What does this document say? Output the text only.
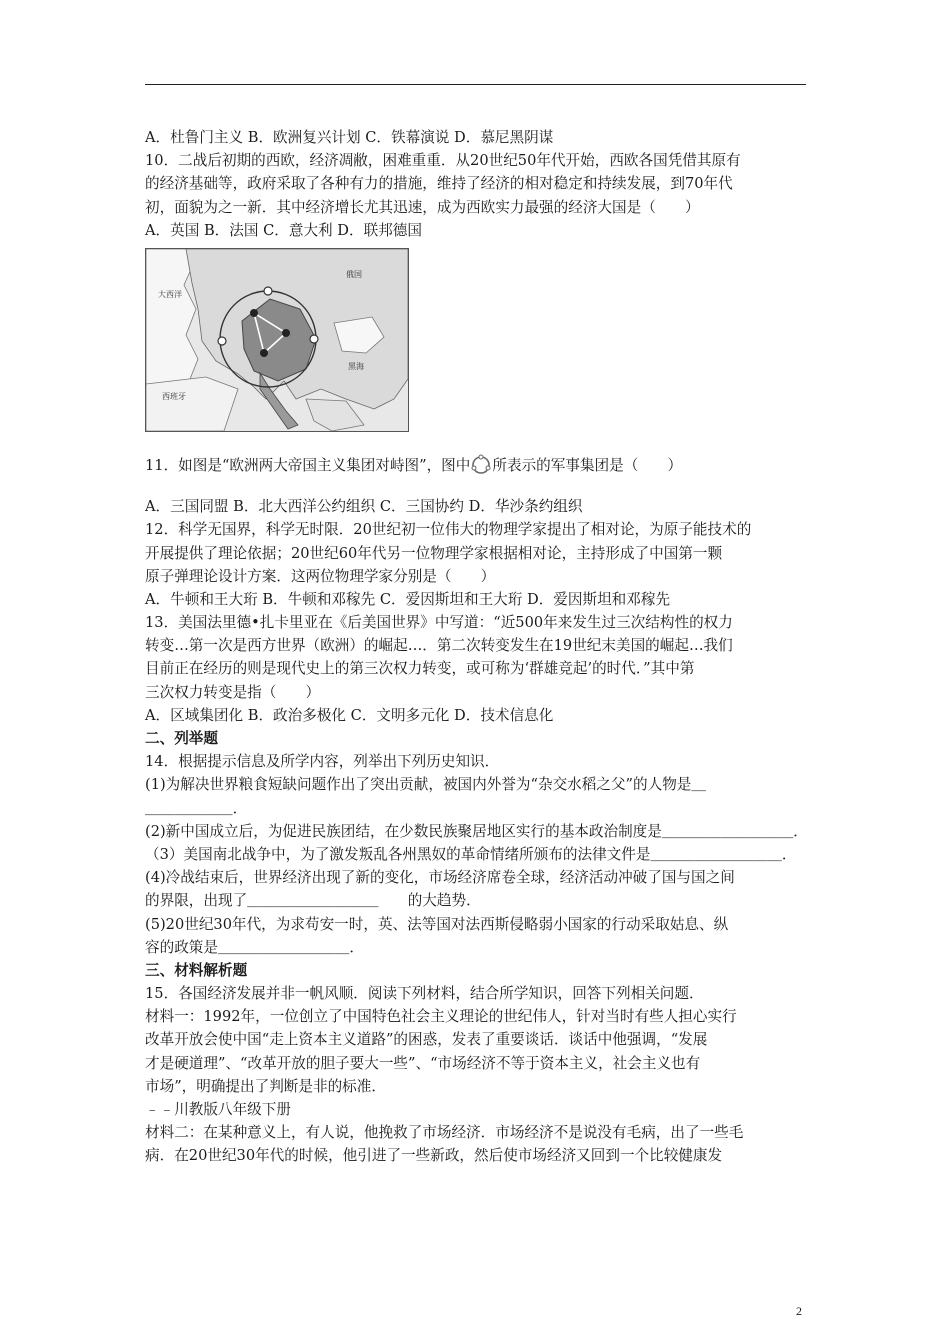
A．杜鲁门主义 B．欧洲复兴计划 C．铁幕演说 D．慕尼黑阴谋
10．二战后初期的西欧，经济凋敝，困难重重．从20世纪50年代开始，西欧各国凭借其原有
的经济基础等，政府采取了各种有力的措施，维持了经济的相对稳定和持续发展，到70年代
初，面貌为之一新．其中经济增长尤其迅速，成为西欧实力最强的经济大国是（　　）
A．英国 B．法国 C．意大利 D．联邦德国
大西洋
俄国
西班牙
黑海
11．如图是“欧洲两大帝国主义集团对峙图”，图中 所表示的军事集团是（　　）
A．三国同盟 B．北大西洋公约组织 C．三国协约 D．华沙条约组织
12．科学无国界，科学无时限．20世纪初一位伟大的物理学家提出了相对论，为原子能技术的
开展提供了理论依据；20世纪60年代另一位物理学家根据相对论，主持形成了中国第一颗
原子弹理论设计方案．这两位物理学家分别是（　　）
A．牛顿和王大珩 B．牛顿和邓稼先 C．爱因斯坦和王大珩 D．爱因斯坦和邓稼先
13．美国法里德•扎卡里亚在《后美国世界》中写道：“近500年来发生过三次结构性的权力
转变…第一次是西方世界（欧洲）的崛起…．第二次转变发生在19世纪末美国的崛起…我们
目前正在经历的则是现代史上的第三次权力转变，或可称为‘群雄竞起’的时代．”其中第
三次权力转变是指（　　）
A．区域集团化 B．政治多极化 C．文明多元化 D．技术信息化
二、列举题
14．根据提示信息及所学内容，列举出下列历史知识．
(1)为解决世界粮食短缺问题作出了突出贡献，被国内外誉为“杂交水稻之父”的人物是＿
＿＿＿＿＿＿．
(2)新中国成立后，为促进民族团结，在少数民族聚居地区实行的基本政治制度是＿＿＿＿＿＿＿＿＿．
（3）美国南北战争中，为了激发叛乱各州黑奴的革命情绪所颁布的法律文件是＿＿＿＿＿＿＿＿＿．
(4)冷战结束后，世界经济出现了新的变化，市场经济席卷全球，经济活动冲破了国与国之间
的界限，出现了＿＿＿＿＿＿＿＿＿　　的大趋势．
(5)20世纪30年代，为求苟安一时，英、法等国对法西斯侵略弱小国家的行动采取姑息、纵
容的政策是＿＿＿＿＿＿＿＿＿．
三、材料解析题
15．各国经济发展并非一帆风顺．阅读下列材料，结合所学知识，回答下列相关问题．
材料一：1992年，一位创立了中国特色社会主义理论的世纪伟人，针对当时有些人担心实行
改革开放会使中国“走上资本主义道路”的困惑，发表了重要谈话．谈话中他强调，“发展
才是硬道理”、“改革开放的胆子要大一些”、“市场经济不等于资本主义，社会主义也有
市场”，明确提出了判断是非的标准．
﹣﹣川教版八年级下册
材料二：在某种意义上，有人说，他挽救了市场经济．市场经济不是说没有毛病，出了一些毛
病．在20世纪30年代的时候，他引进了一些新政，然后使市场经济又回到一个比较健康发
2
